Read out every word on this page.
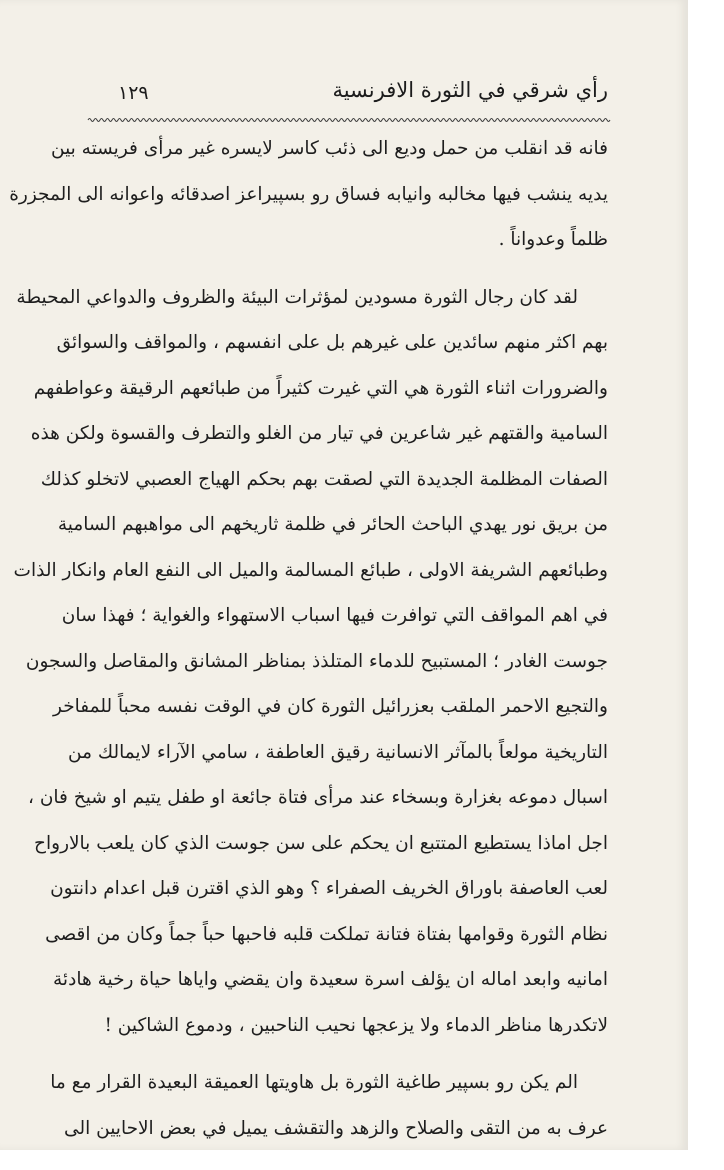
رأي شرقي في الثورة الافرنسية
١٢٩
فانه قد انقلب من حمل وديع الى ذئب كاسر لايسره غير مرأى فريسته بين
يديه ينشب فيها مخالبه وانيابه فساق رو بسپيراعز اصدقائه واعوانه الى المجزرة
ظلماً وعدواناً .
لقد كان رجال الثورة مسودين لمؤثرات البيئة والظروف والدواعي المحيطة
بهم اكثر منهم سائدين على غيرهم بل على انفسهم ، والمواقف والسوائق
والضرورات اثناء الثورة هي التي غيرت كثيراً من طبائعهم الرقيقة وعواطفهم
السامية والقتهم غير شاعرين في تيار من الغلو والتطرف والقسوة ولكن هذه
الصفات المظلمة الجديدة التي لصقت بهم بحكم الهياج العصبي لاتخلو كذلك
من بريق نور يهدي الباحث الحائر في ظلمة ثاريخهم الى مواهبهم السامية
وطبائعهم الشريفة الاولى ، طبائع المسالمة والميل الى النفع العام وانكار الذات
في اهم المواقف التي توافرت فيها اسباب الاستهواء والغواية ؛ فهذا سان
جوست الغادر ؛ المستبيح للدماء المتلذذ بمناظر المشانق والمقاصل والسجون
والتجيع الاحمر الملقب بعزرائيل الثورة كان في الوقت نفسه محباً للمفاخر
التاريخية مولعاً بالمآثر الانسانية رقيق العاطفة ، سامي الآراء لايمالك من
اسبال دموعه بغزارة وبسخاء عند مرأى فتاة جائعة او طفل يتيم او شيخ فان ،
اجل اماذا يستطيع المتتبع ان يحكم على سن جوست الذي كان يلعب بالارواح
لعب العاصفة باوراق الخريف الصفراء ؟ وهو الذي اقترن قبل اعدام دانتون
نظام الثورة وقوامها بفتاة فتانة تملكت قلبه فاحبها حباً جماً وكان من اقصى
امانيه وابعد اماله ان يؤلف اسرة سعيدة وان يقضي واياها حياة رخية هادئة
لاتكدرها مناظر الدماء ولا يزعجها نحيب الناحبين ، ودموع الشاكين !
الم يكن رو بسپير طاغية الثورة بل هاويتها العميقة البعيدة القرار مع ما
عرف به من التقى والصلاح والزهد والتقشف يميل في بعض الاحايين الى
